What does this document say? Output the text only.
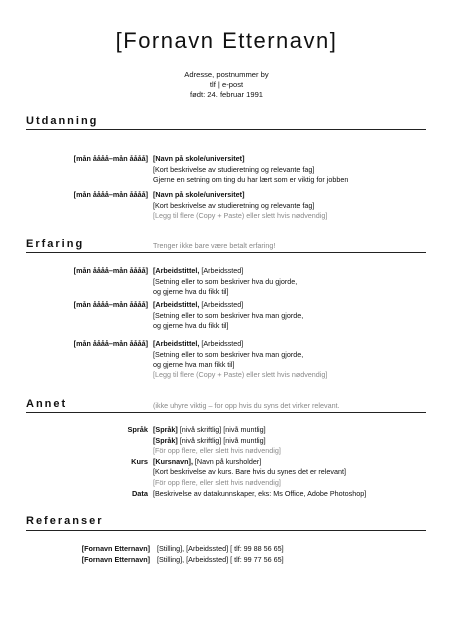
[Fornavn Etternavn]
Adresse, postnummer by
tlf | e-post
født: 24. februar 1991
Utdanning
[mån åååå–mån åååå] [Navn på skole/universitet]
[Kort beskrivelse av studieretning og relevante fag]
Gjerne en setning om ting du har lært som er viktig for jobben
[mån åååå–mån åååå] [Navn på skole/universitet]
[Kort beskrivelse av studieretning og relevante fag]
[Legg til flere (Copy + Paste) eller slett hvis nødvendig]
Erfaring	Trenger ikke bare være betalt erfaring!
[mån åååå–mån åååå] [Arbeidstittel, [Arbeidssted]
[Setning eller to som beskriver hva du gjorde,
og gjerne hva du fikk til]
[mån åååå–mån åååå] [Arbeidstittel, [Arbeidssted]
[Setning eller to som beskriver hva man gjorde,
og gjerne hva du fikk til]
[mån åååå–mån åååå] [Arbeidstittel, [Arbeidssted]
[Setning eller to som beskriver hva man gjorde,
og gjerne hva man fikk til]
[Legg til flere (Copy + Paste) eller slett hvis nødvendig]
Annet	(ikke uhyre viktig – for opp hvis du syns det virker relevant.
Språk [Språk] [nivå skriftlig] [nivå muntlig]
[Språk] [nivå skriftlig] [nivå muntlig]
[För opp flere, eller slett hvis nødvendig]
Kurs [Kursnavn], [Navn på kursholder]
[Kort beskrivelse av kurs. Bare hvis du synes det er relevant]
[För opp flere, eller slett hvis nødvendig]
Data [Beskrivelse av datakunnskaper, eks: Ms Office, Adobe Photoshop]
Referanser
[Fornavn Etternavn] [Stilling], [Arbeidssted] [ tlf: 99 88 56 65]
[Fornavn Etternavn] [Stilling], [Arbeidssted] [ tlf: 99 77 56 65]
